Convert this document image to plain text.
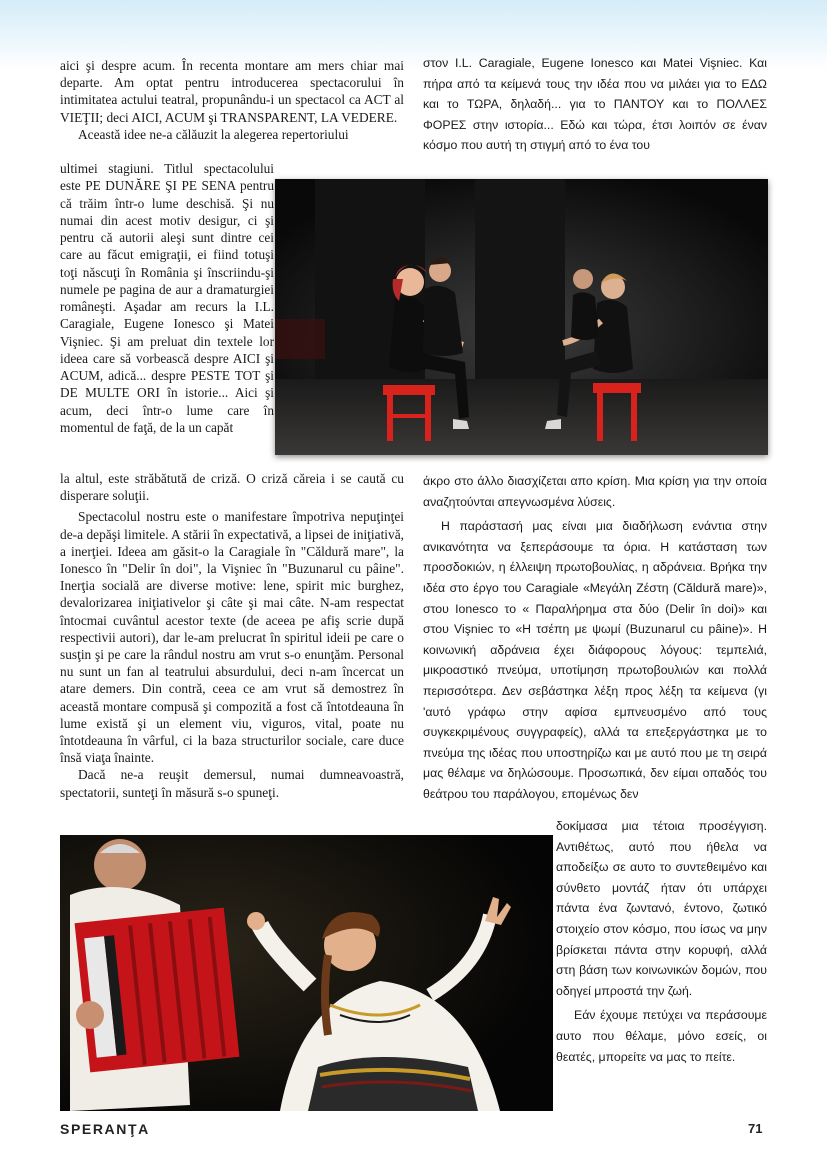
aici şi despre acum. În recenta montare am mers chiar mai departe. Am optat pentru introducerea spectacorului în intimitatea actului teatral, propunându-i un spectacol ca ACT al VIEŢII; deci AICI, ACUM şi TRANSPARENT, LA VEDERE.

Această idee ne-a călăuzit la alegerea repertoriului

ultimei stagiuni. Titlul spectacolului este PE DUNĂRE ŞI PE SENA pentru că trăim într-o lume deschisă. Şi nu numai din acest motiv desigur, ci şi pentru că autorii aleşi sunt dintre cei care au făcut emigraţii, ei fiind totuşi toţi născuţi în România şi înscriindu-şi numele pe pagina de aur a dramaturgiei româneşti. Aşadar am recurs la I.L. Caragiale, Eugene Ionesco şi Matei Vişniec. Şi am preluat din textele lor ideea care să vorbească despre AICI şi ACUM, adică... despre PESTE TOT şi DE MULTE ORI în istorie... Aici şi acum, deci într-o lume care în momentul de faţă, de la un capăt

la altul, este străbătută de criză. O criză căreia i se caută cu disperare soluţii.

Spectacolul nostru este o manifestare împotriva nepuţinţei de-a depăşi limitele. A stării în expectativă, a lipsei de iniţiativă, a inerţiei. Ideea am găsit-o la Caragiale în "Căldură mare", la Ionesco în "Delir în doi", la Vişniec în "Buzunarul cu pâine". Inerţia socială are diverse motive: lene, spirit mic burghez, devalorizarea iniţiativelor şi câte şi mai câte. N-am respectat întocmai cuvântul acestor texte (de aceea pe afiş scrie după respectivii autori), dar le-am prelucrat în spiritul ideii pe care o susţin şi pe care la rândul nostru am vrut s-o enunţăm. Personal nu sunt un fan al teatrului absurdului, deci n-am încercat un atare demers. Din contră, ceea ce am vrut să demostrez în această montare compusă şi compozită a fost că întotdeauna în lume există şi un element viu, viguros, vital, poate nu întotdeauna în vârful, ci la baza structurilor sociale, care duce însă viaţa înainte.

Dacă ne-a reuşit demersul, numai dumneavoastră, spectatorii, sunteţi în măsură s-o spuneţi.

στον I.L. Caragiale, Eugene Ionesco και Matei Vişniec. Και πήρα από τα κείμενά τους την ιδέα που να μιλάει για το ΕΔΩ και το ΤΩΡΑ, δηλαδή... για το ΠΑΝΤΟΥ και το ΠΟΛΛΕΣ ΦΟΡΕΣ στην ιστορία... Εδώ και τώρα, έτσι λοιπόν σε έναν κόσμο που αυτή τη στιγμή από το ένα του

άκρο στο άλλο διασχίζεται απο κρίση. Μια κρίση για την οποία αναζητούνται απεγνωσμένα λύσεις.

Η παράστασή μας είναι μια διαδήλωση ενάντια στην ανικανότητα να ξεπεράσουμε τα όρια. Η κατάσταση των προσδοκιών, η έλλειψη πρωτοβουλίας, η αδράνεια. Βρήκα την ιδέα στο έργο του Caragiale «Μεγάλη Ζέστη (Căldură mare)», στου Ionesco το « Παραλήρημα στα δύο (Delir în doi)» και στου Vişniec το «Η τσέπη με ψωμί (Buzunarul cu pâine)». Η κοινωνική αδράνεια έχει διάφορους λόγους: τεμπελιά, μικροαστικό πνεύμα, υποτίμηση πρωτοβουλιών και πολλά περισσότερα. Δεν σεβάστηκα λέξη προς λέξη τα κείμενα (γι 'αυτό γράφω στην αφίσα εμπνευσμένο από τους συγκεκριμένους συγγραφείς), αλλά τα επεξεργάστηκα με το πνεύμα της ιδέας που υποστηρίζω και με αυτό που με τη σειρά μας θέλαμε να δηλώσουμε. Προσωπικά, δεν είμαι οπαδός του θεάτρου του παράλογου, επομένως δεν

δοκίμασα μια τέτοια προσέγγιση. Αντιθέτως, αυτό που ήθελα να αποδείξω σε αυτο το συντεθειμένο και σύνθετο μοντάζ ήταν ότι υπάρχει πάντα ένα ζωντανό, έντονο, ζωτικό στοιχείο στον κόσμο, που ίσως να μην βρίσκεται πάντα στην κορυφή, αλλά στη βάση των κοινωνικών δομών, που οδηγεί μπροστά την ζωή.

Εάν έχουμε πετύχει να περάσουμε αυτο που θέλαμε, μόνο εσείς, οι θεατές, μπορείτε να μας το πείτε.

SPERANŢA	71
